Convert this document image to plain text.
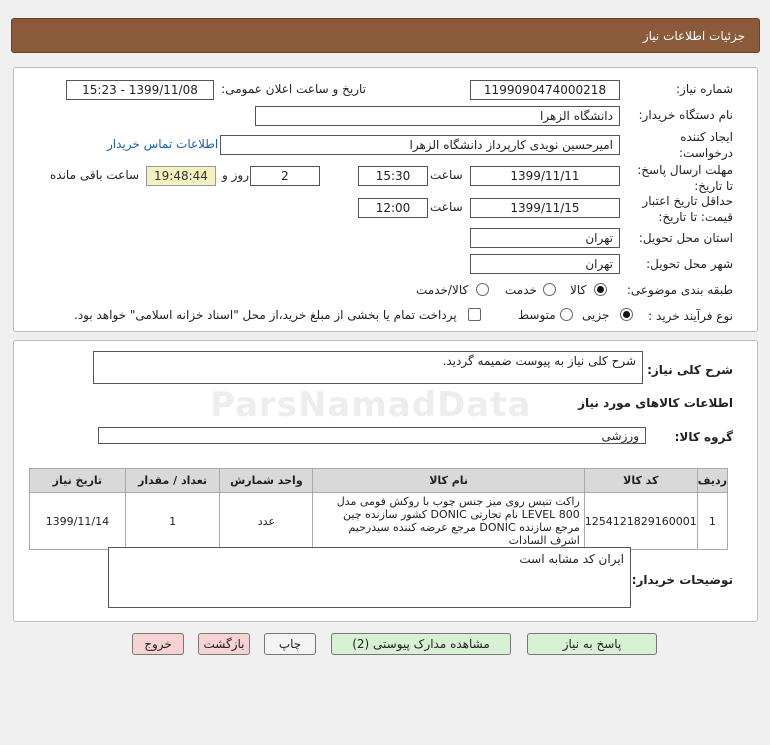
جزئیات اطلاعات نیاز
شماره نیاز:
1199090474000218
تاریخ و ساعت اعلان عمومی:
1399/11/08 - 15:23
نام دستگاه خریدار:
دانشگاه الزهرا
ایجاد کننده درخواست:
امیرحسین نویدی کارپرداز دانشگاه الزهرا
اطلاعات تماس خریدار
مهلت ارسال پاسخ: تا تاریخ:
1399/11/11
ساعت
15:30
2
روز و
19:48:44
ساعت باقی مانده
حداقل تاریخ اعتبار قیمت: تا تاریخ:
1399/11/15
ساعت
12:00
استان محل تحویل:
تهران
شهر محل تحویل:
تهران
طبقه بندی موضوعی:
کالا
خدمت
کالا/خدمت
نوع فرآیند خرید :
جزیی
متوسط
پرداخت تمام یا بخشی از مبلغ خرید،از محل "اسناد خزانه اسلامی" خواهد بود.
شرح کلی نیاز:
شرح کلی نیاز به پیوست ضمیمه گردید.
ParsNamadData	اطلاعات کالاهای مورد نیاز
گروه کالا:
ورزشی
ردیف	کد کالا	نام کالا	واحد شمارش	تعداد / مقدار	تاریخ نیاز
1	1254121829160001	راکت تنیس روی میز جنس چوب با روکش فومی مدل LEVEL 800 نام تجارتی DONIC کشور سازنده چین مرجع سازنده DONIC مرجع عرضه کننده سیدرحیم اشرف السادات	عدد	1	1399/11/14
توضیحات خریدار:
ایران کد مشابه است
پاسخ به نیاز
مشاهده مدارک پیوستی (2)
چاپ
بازگشت
خروج
